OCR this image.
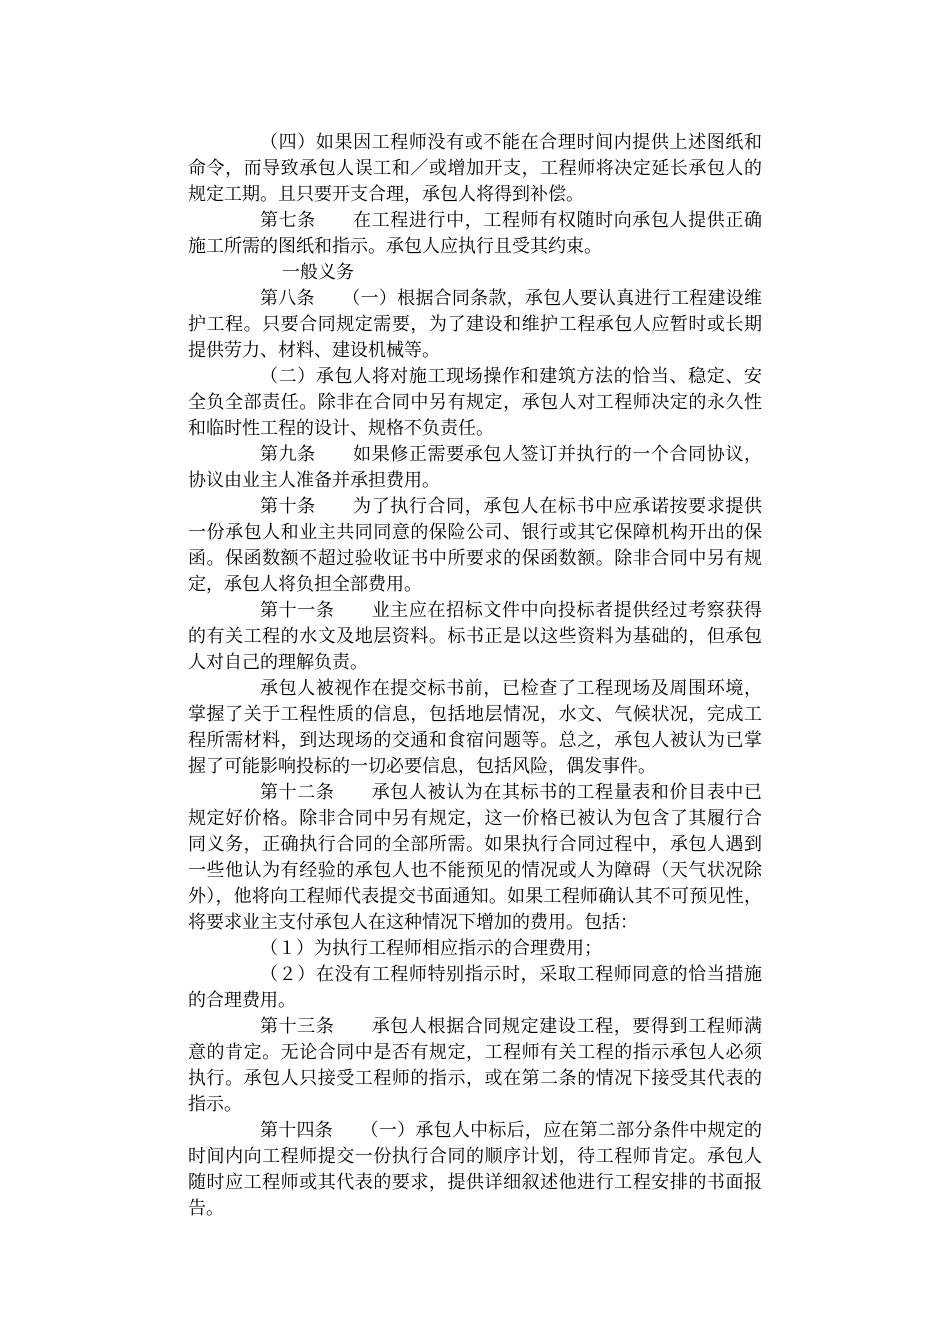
（四）如果因工程师没有或不能在合理时间内提供上述图纸和命令，而导致承包人误工和／或增加开支，工程师将决定延长承包人的规定工期。且只要开支合理，承包人将得到补偿。

第七条　　在工程进行中，工程师有权随时向承包人提供正确施工所需的图纸和指示。承包人应执行且受其约束。

一般义务

第八条　　（一）根据合同条款，承包人要认真进行工程建设维护工程。只要合同规定需要，为了建设和维护工程承包人应暂时或长期提供劳力、材料、建设机械等。

（二）承包人将对施工现场操作和建筑方法的恰当、稳定、安全负全部责任。除非在合同中另有规定，承包人对工程师决定的永久性和临时性工程的设计、规格不负责任。

第九条　　如果修正需要承包人签订并执行的一个合同协议，协议由业主人准备并承担费用。

第十条　　为了执行合同，承包人在标书中应承诺按要求提供一份承包人和业主共同同意的保险公司、银行或其它保障机构开出的保函。保函数额不超过验收证书中所要求的保函数额。除非合同中另有规定，承包人将负担全部费用。

第十一条　　业主应在招标文件中向投标者提供经过考察获得的有关工程的水文及地层资料。标书正是以这些资料为基础的，但承包人对自己的理解负责。

承包人被视作在提交标书前，已检查了工程现场及周围环境，掌握了关于工程性质的信息，包括地层情况，水文、气候状况，完成工程所需材料，到达现场的交通和食宿问题等。总之，承包人被认为已掌握了可能影响投标的一切必要信息，包括风险，偶发事件。

第十二条　　承包人被认为在其标书的工程量表和价目表中已规定好价格。除非合同中另有规定，这一价格已被认为包含了其履行合同义务，正确执行合同的全部所需。如果执行合同过程中，承包人遇到一些他认为有经验的承包人也不能预见的情况或人为障碍（天气状况除外），他将向工程师代表提交书面通知。如果工程师确认其不可预见性，将要求业主支付承包人在这种情况下增加的费用。包括：

（１）为执行工程师相应指示的合理费用；

（２）在没有工程师特别指示时，采取工程师同意的恰当措施的合理费用。

第十三条　　承包人根据合同规定建设工程，要得到工程师满意的肯定。无论合同中是否有规定，工程师有关工程的指示承包人必须执行。承包人只接受工程师的指示，或在第二条的情况下接受其代表的指示。

第十四条　　（一）承包人中标后，应在第二部分条件中规定的时间内向工程师提交一份执行合同的顺序计划，待工程师肯定。承包人随时应工程师或其代表的要求，提供详细叙述他进行工程安排的书面报告。
